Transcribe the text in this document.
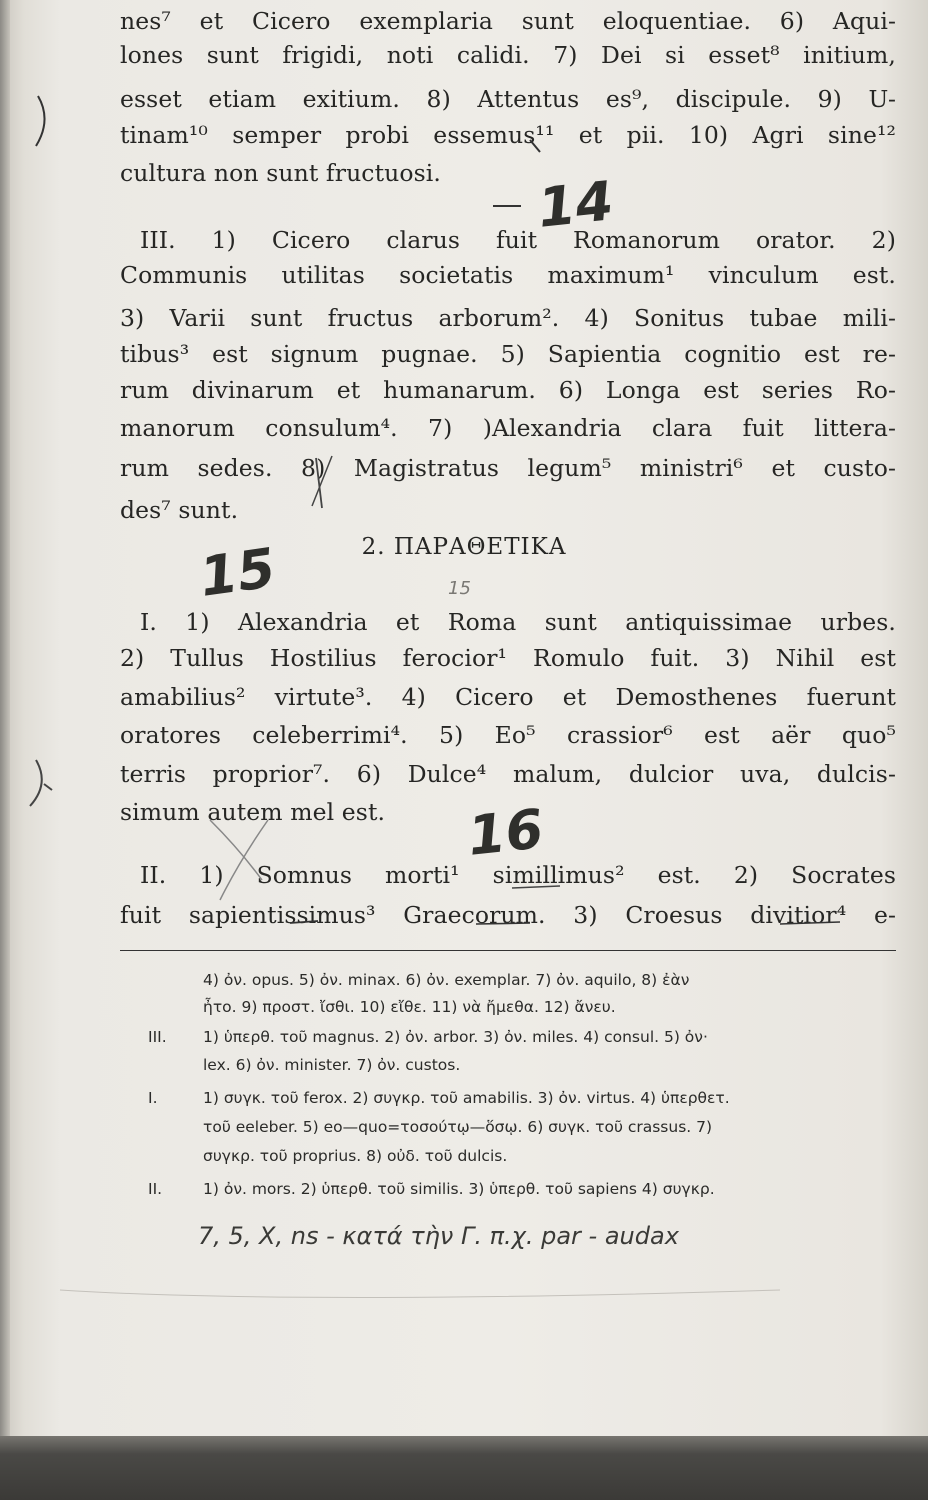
nes⁷ et Cicero exemplaria sunt eloquentiae. 6) Aqui-
lones sunt frigidi, noti calidi. 7) Dei si esset⁸ initium,
esset etiam exitium. 8) Attentus es⁹, discipule. 9) U-
tinam¹⁰ semper probi essemus¹¹ et pii. 10) Agri sine¹²
cultura non sunt fructuosi.
III. 1) Cicero clarus fuit Romanorum orator. 2)
Communis utilitas societatis maximum¹ vinculum est.
3) Varii sunt fructus arborum². 4) Sonitus tubae mili-
tibus³ est signum pugnae. 5) Sapientia cognitio est re-
rum divinarum et humanarum. 6) Longa est series Ro-
manorum consulum⁴. 7) )Alexandria clara fuit littera-
rum sedes. 8) Magistratus legum⁵ ministri⁶ et custo-
des⁷ sunt.
2. ΠΑΡΑΘΕΤΙΚΑ
I. 1) Alexandria et Roma sunt antiquissimae urbes.
2) Tullus Hostilius ferocior¹ Romulo fuit. 3) Nihil est
amabilius² virtute³. 4) Cicero et Demosthenes fuerunt
oratores celeberrimi⁴. 5) Eo⁵ crassior⁶ est aër quo⁵
terris proprior⁷. 6) Dulce⁴ malum, dulcior uva, dulcis-
simum autem mel est.
II. 1) Somnus morti¹ simillimus² est. 2) Socrates
fuit sapientissimus³ Graecorum. 3) Croesus divitior⁴ e-
4) ὀν. opus. 5) ὀν. minax. 6) ὀν. exemplar. 7) ὀν. aquilo, 8) ἐὰν
ἦτο. 9) προστ. ἴσθι. 10) εἴθε. 11) νὰ ἤμεθα. 12) ἄνευ.
III. 1) ὑπερθ. τοῦ magnus. 2) ὀν. arbor. 3) ὀν. miles. 4) consul. 5) ὀν·
lex. 6) ὀν. minister. 7) ὀν. custos.
I.	1) συγκ. τοῦ ferox. 2) συγκρ. τοῦ amabilis. 3) ὀν. virtus. 4) ὑπερθετ.
τοῦ eeleber. 5) eo—quo=τοσούτῳ—ὅσῳ. 6) συγκ. τοῦ crassus. 7)
συγκρ. τοῦ proprius. 8) οὐδ. τοῦ dulcis.
II.	1) ὀν. mors. 2) ὑπερθ. τοῦ similis. 3) ὑπερθ. τοῦ sapiens 4) συγκρ.
14
15	15
16
7, 5, X, ns - κατά τὴν Γ. π.χ. par - audax
​
